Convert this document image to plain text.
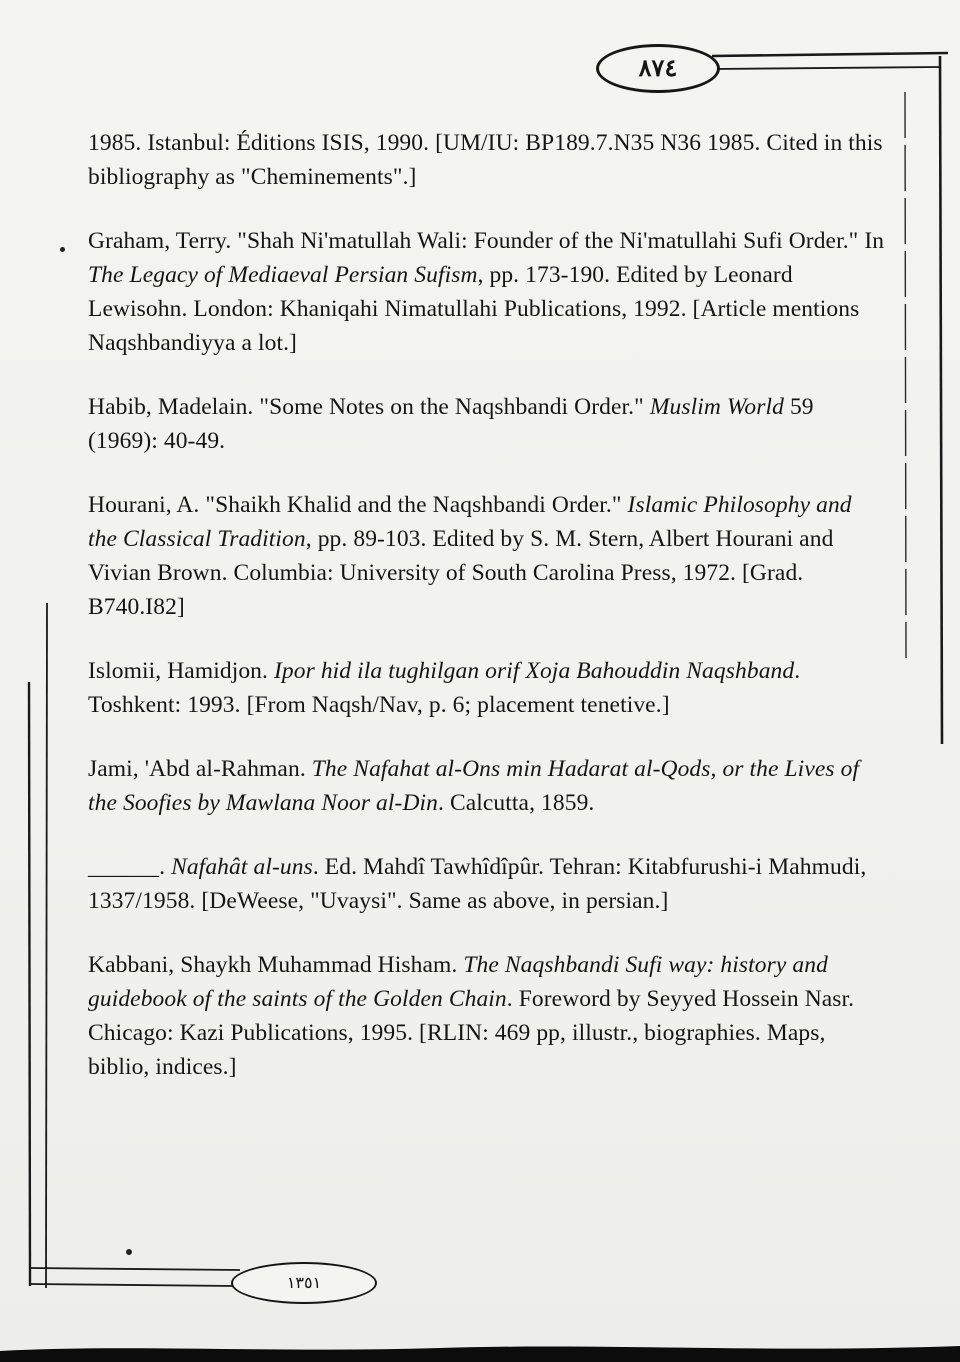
٨٧٤

1985. Istanbul: Éditions ISIS, 1990. [UM/IU: BP189.7.N35 N36 1985. Cited in this bibliography as "Cheminements".]

Graham, Terry. "Shah Ni'matullah Wali: Founder of the Ni'matullahi Sufi Order." In The Legacy of Mediaeval Persian Sufism, pp. 173-190. Edited by Leonard Lewisohn. London: Khaniqahi Nimatullahi Publications, 1992. [Article mentions Naqshbandiyya a lot.]

Habib, Madelain. "Some Notes on the Naqshbandi Order." Muslim World 59 (1969): 40-49.

Hourani, A. "Shaikh Khalid and the Naqshbandi Order." Islamic Philosophy and the Classical Tradition, pp. 89-103. Edited by S. M. Stern, Albert Hourani and Vivian Brown. Columbia: University of South Carolina Press, 1972. [Grad. B740.I82]

Islomii, Hamidjon. Ipor hid ila tughilgan orif Xoja Bahouddin Naqshband. Toshkent: 1993. [From Naqsh/Nav, p. 6; placement tenetive.]

Jami, 'Abd al-Rahman. The Nafahat al-Ons min Hadarat al-Qods, or the Lives of the Soofies by Mawlana Noor al-Din. Calcutta, 1859.

______. Nafahât al-uns. Ed. Mahdî Tawhîdîpûr. Tehran: Kitabfurushi-i Mahmudi, 1337/1958. [DeWeese, "Uvaysi". Same as above, in persian.]

Kabbani, Shaykh Muhammad Hisham. The Naqshbandi Sufi way: history and guidebook of the saints of the Golden Chain. Foreword by Seyyed Hossein Nasr. Chicago: Kazi Publications, 1995. [RLIN: 469 pp, illustr., biographies. Maps, biblio, indices.]

١٣٥١
